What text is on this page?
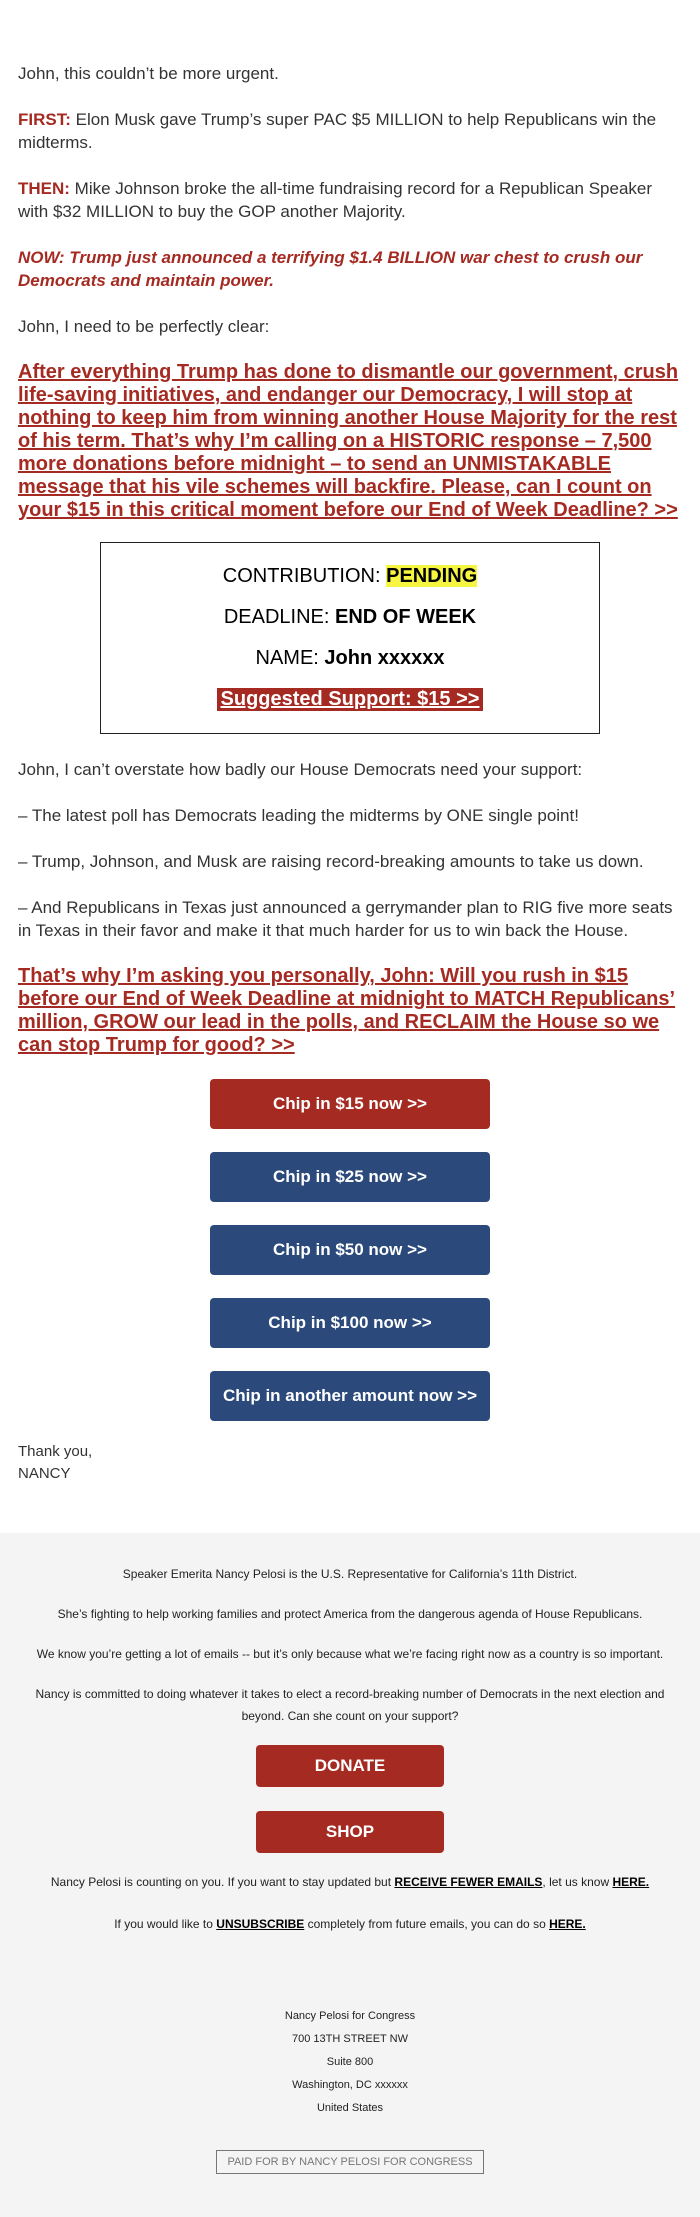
John, this couldn’t be more urgent.

FIRST: Elon Musk gave Trump’s super PAC $5 MILLION to help Republicans win the midterms.

THEN: Mike Johnson broke the all-time fundraising record for a Republican Speaker with $32 MILLION to buy the GOP another Majority.

NOW: Trump just announced a terrifying $1.4 BILLION war chest to crush our Democrats and maintain power.

John, I need to be perfectly clear:

After everything Trump has done to dismantle our government, crush life-saving initiatives, and endanger our Democracy, I will stop at nothing to keep him from winning another House Majority for the rest of his term. That’s why I’m calling on a HISTORIC response – 7,500 more donations before midnight – to send an UNMISTAKABLE message that his vile schemes will backfire. Please, can I count on your $15 in this critical moment before our End of Week Deadline? >>
CONTRIBUTION: PENDING
DEADLINE: END OF WEEK
NAME: John xxxxxx
Suggested Support: $15 >>

John, I can’t overstate how badly our House Democrats need your support:

– The latest poll has Democrats leading the midterms by ONE single point!

– Trump, Johnson, and Musk are raising record-breaking amounts to take us down.

– And Republicans in Texas just announced a gerrymander plan to RIG five more seats in Texas in their favor and make it that much harder for us to win back the House.

That’s why I’m asking you personally, John: Will you rush in $15 before our End of Week Deadline at midnight to MATCH Republicans’ million, GROW our lead in the polls, and RECLAIM the House so we can stop Trump for good? >>
Chip in $15 now >>
Chip in $25 now >>
Chip in $50 now >>
Chip in $100 now >>
Chip in another amount now >>

Thank you,

NANCY

Speaker Emerita Nancy Pelosi is the U.S. Representative for California’s 11th District.

She’s fighting to help working families and protect America from the dangerous agenda of House Republicans.

We know you’re getting a lot of emails -- but it’s only because what we’re facing right now as a country is so important.

Nancy is committed to doing whatever it takes to elect a record-breaking number of Democrats in the next election and beyond. Can she count on your support?

DONATE
SHOP

Nancy Pelosi is counting on you. If you want to stay updated but RECEIVE FEWER EMAILS, let us know HERE.

If you would like to UNSUBSCRIBE completely from future emails, you can do so HERE.

Nancy Pelosi for Congress
700 13TH STREET NW
Suite 800
Washington, DC xxxxxx
United States
PAID FOR BY NANCY PELOSI FOR CONGRESS
